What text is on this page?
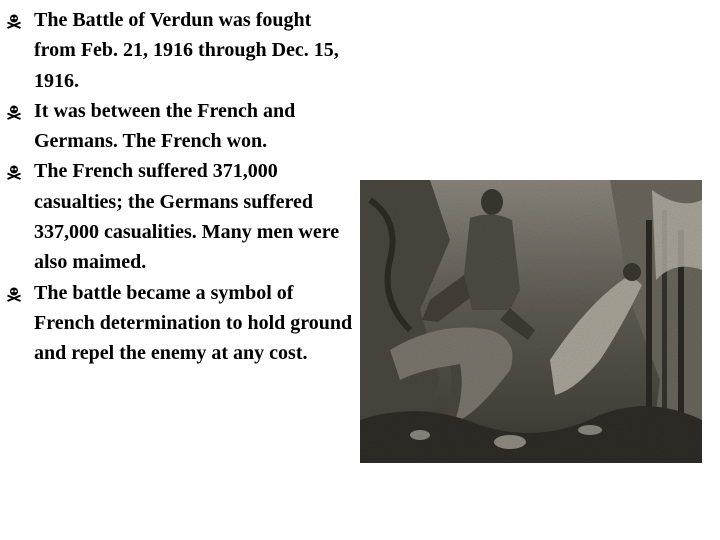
The Battle of Verdun was fought from Feb. 21, 1916 through Dec. 15, 1916.
It was between the French and Germans. The French won.
The French suffered 371,000 casualties; the Germans suffered 337,000 casualities. Many men were also maimed.
The battle became a symbol of French determination to hold ground and repel the enemy at any cost.
